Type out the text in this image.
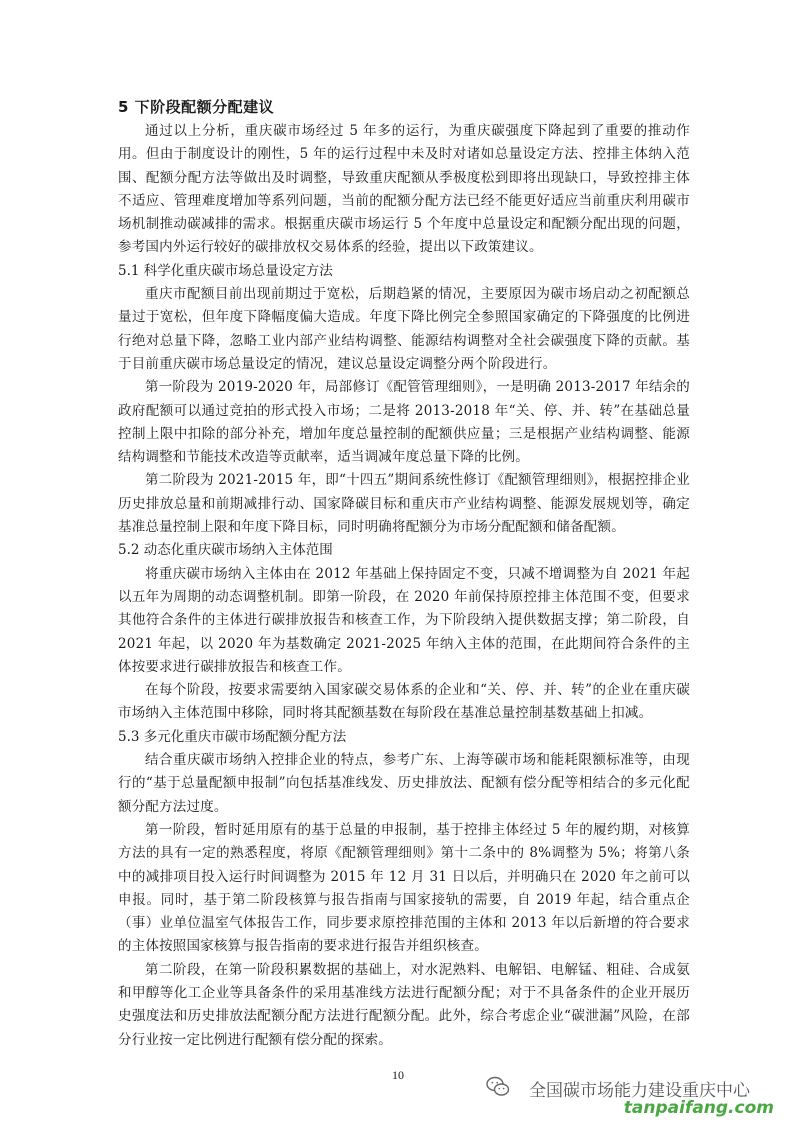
5 下阶段配额分配建议

通过以上分析，重庆碳市场经过 5 年多的运行，为重庆碳强度下降起到了重要的推动作用。但由于制度设计的刚性，5 年的运行过程中未及时对诸如总量设定方法、控排主体纳入范围、配额分配方法等做出及时调整，导致重庆配额从季极度松到即将出现缺口，导致控排主体不适应、管理难度增加等系列问题，当前的配额分配方法已经不能更好适应当前重庆利用碳市场机制推动碳减排的需求。根据重庆碳市场运行 5 个年度中总量设定和配额分配出现的问题，参考国内外运行较好的碳排放权交易体系的经验，提出以下政策建议。

5.1 科学化重庆碳市场总量设定方法

重庆市配额目前出现前期过于宽松，后期趋紧的情况，主要原因为碳市场启动之初配额总量过于宽松，但年度下降幅度偏大造成。年度下降比例完全参照国家确定的下降强度的比例进行绝对总量下降，忽略工业内部产业结构调整、能源结构调整对全社会碳强度下降的贡献。基于目前重庆碳市场总量设定的情况，建议总量设定调整分两个阶段进行。

第一阶段为 2019-2020 年，局部修订《配管管理细则》，一是明确 2013-2017 年结余的政府配额可以通过竞拍的形式投入市场；二是将 2013-2018 年“关、停、并、转”在基础总量控制上限中扣除的部分补充，增加年度总量控制的配额供应量；三是根据产业结构调整、能源结构调整和节能技术改造等贡献率，适当调减年度总量下降的比例。

第二阶段为 2021-2015 年，即“十四五”期间系统性修订《配额管理细则》，根据控排企业历史排放总量和前期减排行动、国家降碳目标和重庆市产业结构调整、能源发展规划等，确定基准总量控制上限和年度下降目标，同时明确将配额分为市场分配配额和储备配额。

5.2 动态化重庆碳市场纳入主体范围

将重庆碳市场纳入主体由在 2012 年基础上保持固定不变，只减不增调整为自 2021 年起以五年为周期的动态调整机制。即第一阶段，在 2020 年前保持原控排主体范围不变，但要求其他符合条件的主体进行碳排放报告和核查工作，为下阶段纳入提供数据支撑；第二阶段，自 2021 年起，以 2020 年为基数确定 2021-2025 年纳入主体的范围，在此期间符合条件的主体按要求进行碳排放报告和核查工作。

在每个阶段，按要求需要纳入国家碳交易体系的企业和“关、停、并、转”的企业在重庆碳市场纳入主体范围中移除，同时将其配额基数在每阶段在基准总量控制基数基础上扣减。

5.3 多元化重庆市碳市场配额分配方法

结合重庆碳市场纳入控排企业的特点，参考广东、上海等碳市场和能耗限额标准等，由现行的“基于总量配额申报制”向包括基准线发、历史排放法、配额有偿分配等相结合的多元化配额分配方法过度。

第一阶段，暂时延用原有的基于总量的申报制，基于控排主体经过 5 年的履约期，对核算方法的具有一定的熟悉程度，将原《配额管理细则》第十二条中的 8%调整为 5%；将第八条中的减排项目投入运行时间调整为 2015 年 12 月 31 日以后，并明确只在 2020 年之前可以申报。同时，基于第二阶段核算与报告指南与国家接轨的需要，自 2019 年起，结合重点企（事）业单位温室气体报告工作，同步要求原控排范围的主体和 2013 年以后新增的符合要求的主体按照国家核算与报告指南的要求进行报告并组织核查。

第二阶段，在第一阶段积累数据的基础上，对水泥熟料、电解铝、电解锰、粗硅、合成氨和甲醇等化工企业等具备条件的采用基准线方法进行配额分配；对于不具备条件的企业开展历史强度法和历史排放法配额分配方法进行配额分配。此外，综合考虑企业“碳泄漏”风险，在部分行业按一定比例进行配额有偿分配的探索。

10
全国碳市场能力建设重庆中心
tanpaifang.com
